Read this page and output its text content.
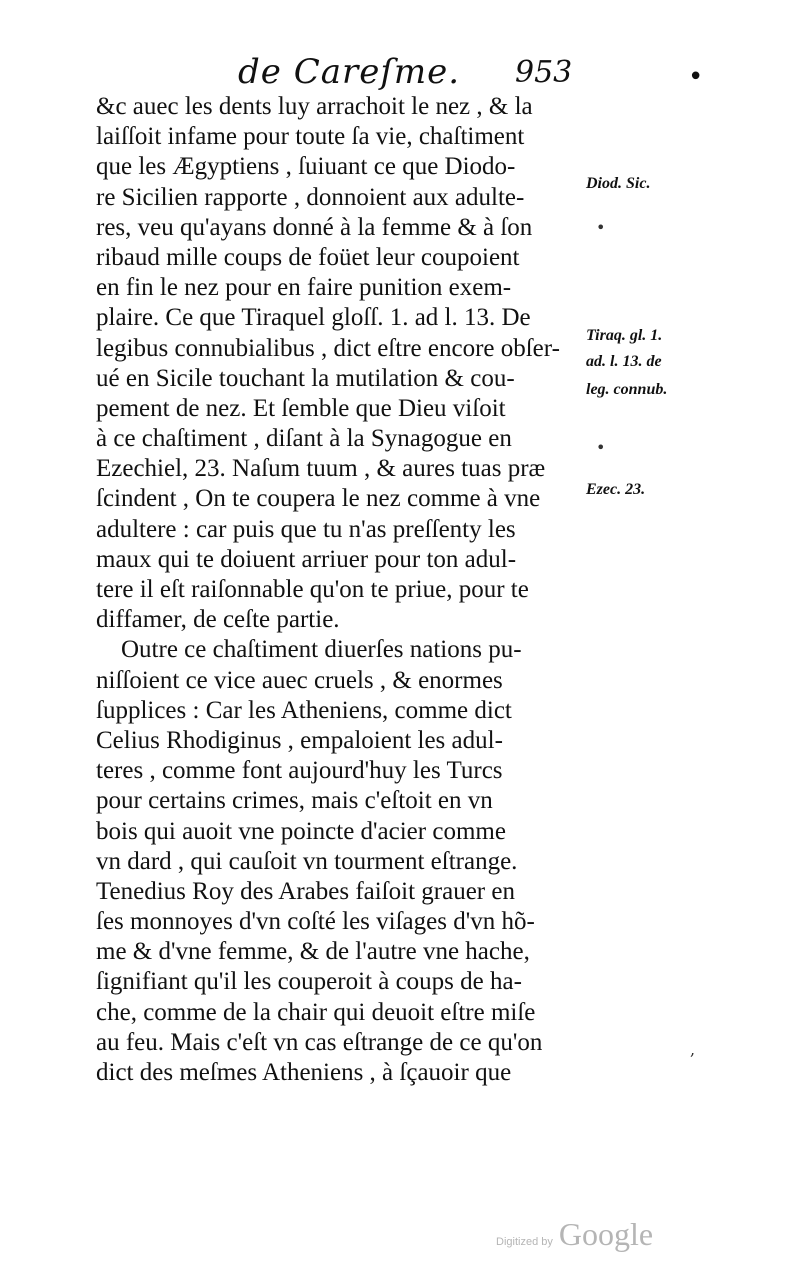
de Careſme. 953	•
&c auec les dents luy arrachoit le nez , & la
laiſſoit infame pour toute ſa vie, chaſtiment
que les Ægyptiens , ſuiuant ce que Diodo-
re Sicilien rapporte , donnoient aux adulte-
res, veu qu'ayans donné à la femme & à ſon
ribaud mille coups de foüet leur coupoient
en fin le nez pour en faire punition exem-
plaire. Ce que Tiraquel gloſſ. 1. ad l. 13. De
legibus connubialibus , dict eſtre encore obſer-
ué en Sicile touchant la mutilation & cou-
pement de nez. Et ſemble que Dieu viſoit
à ce chaſtiment , diſant à la Synagogue en
Ezechiel, 23. Naſum tuum , & aures tuas præ
ſcindent , On te coupera le nez comme à vne
adultere : car puis que tu n'as preſſenty les
maux qui te doiuent arriuer pour ton adul-
tere il eſt raiſonnable qu'on te priue, pour te
diffamer, de ceſte partie.
Outre ce chaſtiment diuerſes nations pu-
niſſoient ce vice auec cruels , & enormes
ſupplices : Car les Atheniens, comme dict
Celius Rhodiginus , empaloient les adul-
teres , comme font aujourd'huy les Turcs
pour certains crimes, mais c'eſtoit en vn
bois qui auoit vne poincte d'acier comme
vn dard , qui cauſoit vn tourment eſtrange.
Tenedius Roy des Arabes faiſoit grauer en
ſes monnoyes d'vn coſté les viſages d'vn hõ-
me & d'vne femme, & de l'autre vne hache,
ſignifiant qu'il les couperoit à coups de ha-
che, comme de la chair qui deuoit eſtre miſe
au feu. Mais c'eſt vn cas eſtrange de ce qu'on
dict des meſmes Atheniens , à ſçauoir que
Diod. Sic.
Tiraq. gl. 1.
ad. l. 13. de
leg. connub.
Ezec. 23.
•
•
,
Digitized by Google
